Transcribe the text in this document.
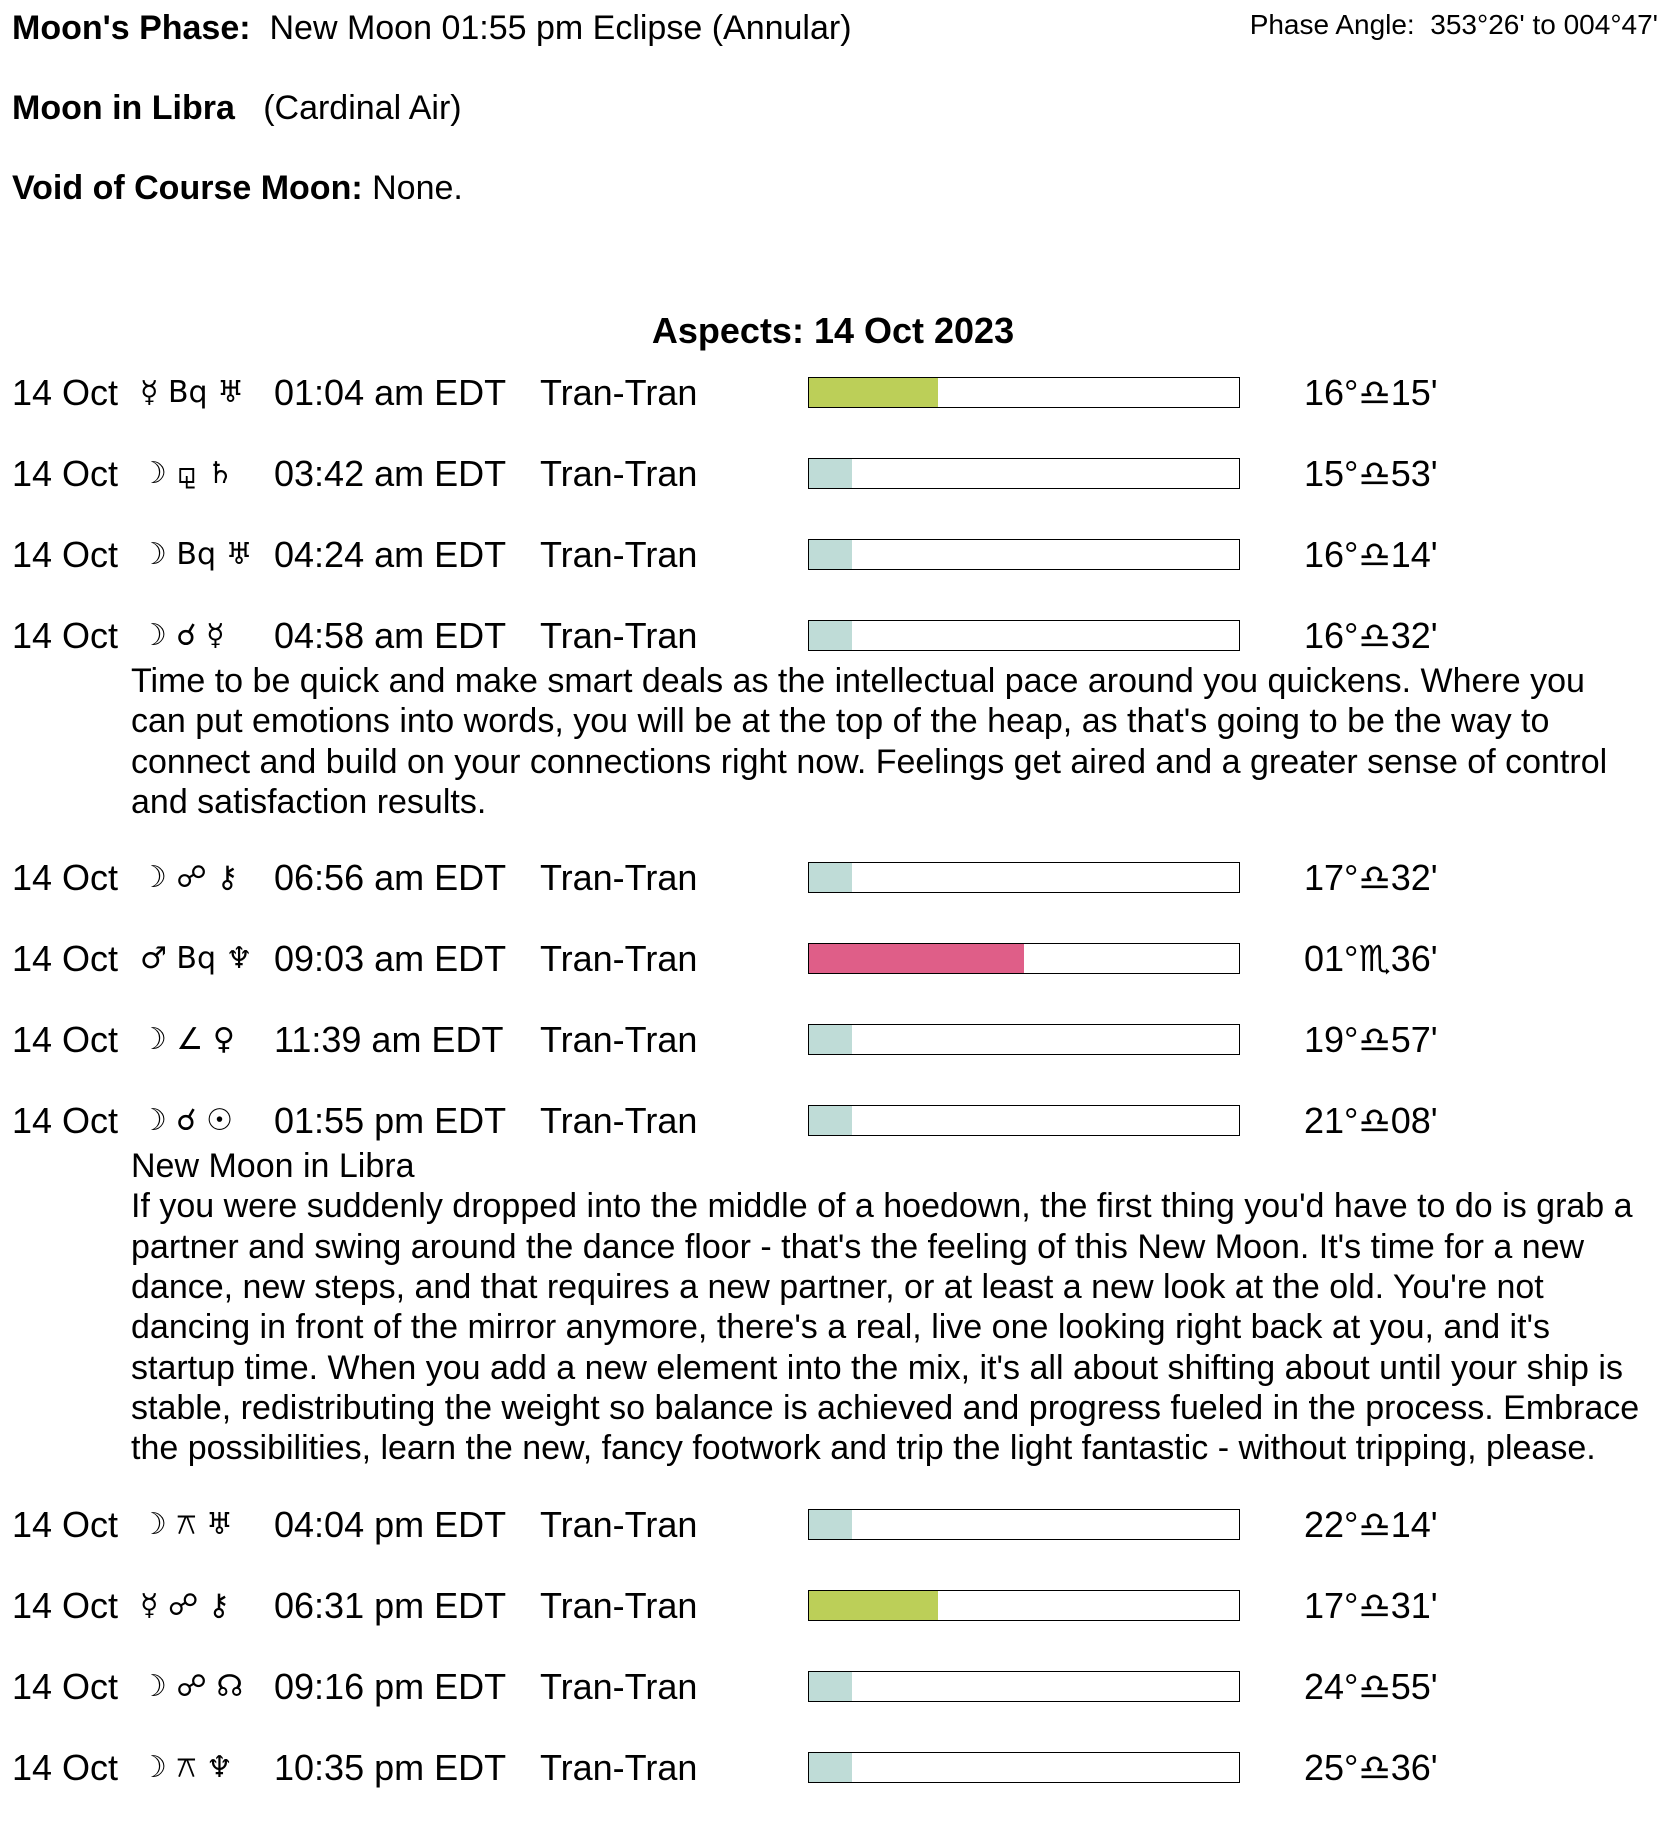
Moon's Phase: New Moon 01:55 pm Eclipse (Annular)	Phase Angle: 353°26' to 004°47'
Moon in Libra (Cardinal Air)
Void of Course Moon: None.
Aspects: 14 Oct 2023
14 Oct ☿ Bq ♅ 01:04 am EDT Tran-Tran	16°♎15'
14 Oct ☽ ⚼ ♄ 03:42 am EDT Tran-Tran	15°♎53'
14 Oct ☽ Bq ♅ 04:24 am EDT Tran-Tran	16°♎14'
14 Oct ☽ ☌ ☿ 04:58 am EDT Tran-Tran	16°♎32'

Time to be quick and make smart deals as the intellectual pace around you quickens. Where you can put emotions into words, you will be at the top of the heap, as that's going to be the way to connect and build on your connections right now. Feelings get aired and a greater sense of control and satisfaction results.

14 Oct ☽ ☍ ⚷ 06:56 am EDT Tran-Tran	17°♎32'
14 Oct ♂ Bq ♆ 09:03 am EDT Tran-Tran	01°♏36'
14 Oct ☽ ∠ ♀ 11:39 am EDT Tran-Tran	19°♎57'
14 Oct ☽ ☌ ☉ 01:55 pm EDT Tran-Tran	21°♎08'

New Moon in Libra

If you were suddenly dropped into the middle of a hoedown, the first thing you'd have to do is grab a partner and swing around the dance floor - that's the feeling of this New Moon. It's time for a new dance, new steps, and that requires a new partner, or at least a new look at the old. You're not dancing in front of the mirror anymore, there's a real, live one looking right back at you, and it's startup time. When you add a new element into the mix, it's all about shifting about until your ship is stable, redistributing the weight so balance is achieved and progress fueled in the process. Embrace the possibilities, learn the new, fancy footwork and trip the light fantastic - without tripping, please.

14 Oct ☽ ⚻ ♅ 04:04 pm EDT Tran-Tran	22°♎14'
14 Oct ☿ ☍ ⚷ 06:31 pm EDT Tran-Tran	17°♎31'
14 Oct ☽ ☍ ☊ 09:16 pm EDT Tran-Tran	24°♎55'
14 Oct ☽ ⚻ ♆ 10:35 pm EDT Tran-Tran	25°♎36'
